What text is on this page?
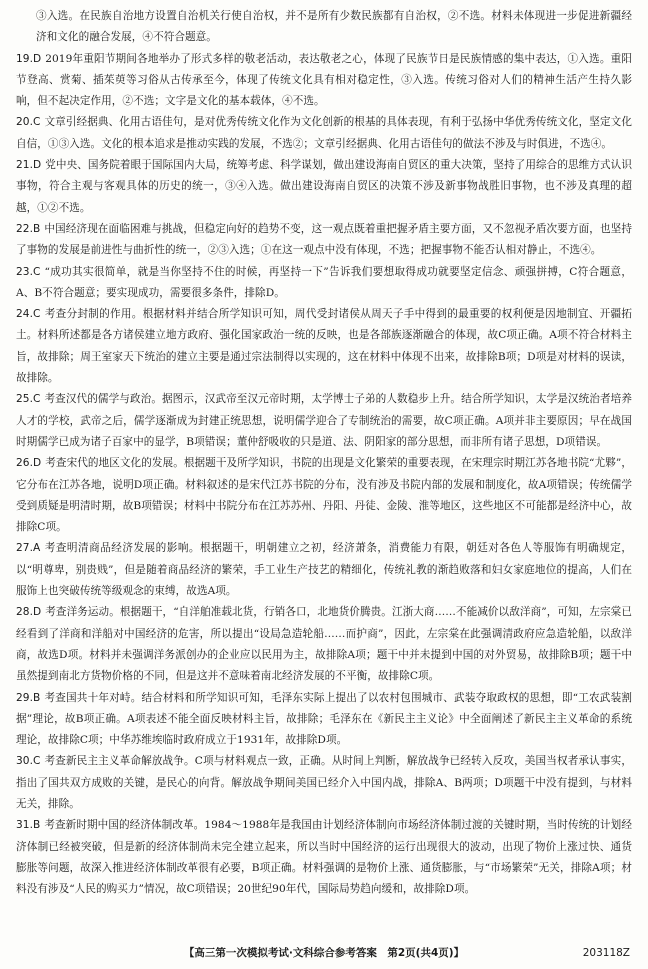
③入选。在民族自治地方设置自治机关行使自治权，并不是所有少数民族都有自治权，②不选。材料未体现进一步促进新疆经济和文化的融合发展，④不符合题意。

19.D 2019年重阳节期间各地举办了形式多样的敬老活动，表达敬老之心，体现了民族节日是民族情感的集中表达，①入选。重阳节登高、赏菊、插茱萸等习俗从古传承至今，体现了传统文化具有相对稳定性，③入选。传统习俗对人们的精神生活产生持久影响，但不起决定作用，②不选；文字是文化的基本载体，④不选。

20.C 文章引经据典、化用古语佳句，是对优秀传统文化作为文化创新的根基的具体表现，有利于弘扬中华优秀传统文化，坚定文化自信，①③入选。文化的根本追求是推动实践的发展，不选②；文章引经据典、化用古语佳句的做法不涉及与时俱进，不选④。

21.D 党中央、国务院着眼于国际国内大局，统筹考虑、科学谋划，做出建设海南自贸区的重大决策，坚持了用综合的思维方式认识事物，符合主观与客观具体的历史的统一，③④入选。做出建设海南自贸区的决策不涉及新事物战胜旧事物，也不涉及真理的超越，①②不选。

22.B 中国经济现在面临困难与挑战，但稳定向好的趋势不变，这一观点既着重把握矛盾主要方面，又不忽视矛盾次要方面，也坚持了事物的发展是前进性与曲折性的统一，②③入选；①在这一观点中没有体现，不选；把握事物不能否认相对静止，不选④。

23.C “成功其实很简单，就是当你坚持不住的时候，再坚持一下”告诉我们要想取得成功就要坚定信念、顽强拼搏，C符合题意，A、B不符合题意；要实现成功，需要很多条件，排除D。

24.C 考查分封制的作用。根据材料并结合所学知识可知，周代受封诸侯从周天子手中得到的最重要的权利便是因地制宜、开疆拓土。材料所述都是各方诸侯建立地方政府、强化国家政治一统的反映，也是各部族逐渐融合的体现，故C项正确。A项不符合材料主旨，故排除；周王室家天下统治的建立主要是通过宗法制得以实现的，这在材料中体现不出来，故排除B项；D项是对材料的误读，故排除。

25.C 考查汉代的儒学与政治。据图示，汉武帝至汉元帝时期，太学博士子弟的人数稳步上升。结合所学知识，太学是汉统治者培养人才的学校，武帝之后，儒学逐渐成为封建正统思想，说明儒学迎合了专制统治的需要，故C项正确。A项并非主要原因；早在战国时期儒学已成为诸子百家中的显学，B项错误；董仲舒吸收的只是道、法、阴阳家的部分思想，而非所有诸子思想，D项错误。

26.D 考查宋代的地区文化的发展。根据题干及所学知识，书院的出现是文化繁荣的重要表现，在宋理宗时期江苏各地书院“尤夥”，它分布在江苏各地，说明D项正确。材料叙述的是宋代江苏书院的分布，没有涉及书院内部的发展和制度化，故A项错误；传统儒学受到质疑是明清时期，故B项错误；材料中书院分布在江苏苏州、丹阳、丹徒、金陵、淮等地区，这些地区不可能都是经济中心，故排除C项。

27.A 考查明清商品经济发展的影响。根据题干，明朝建立之初，经济萧条，消费能力有限，朝廷对各色人等服饰有明确规定，以“明尊卑，别贵贱”，但是随着商品经济的繁荣，手工业生产技艺的精细化，传统礼教的渐趋败落和妇女家庭地位的提高，人们在服饰上也突破传统等级观念的束缚，故选A项。

28.D 考查洋务运动。根据题干，“自洋舶准载北货，行销各口，北地货价腾贵。江浙大商……不能减价以敌洋商”，可知，左宗棠已经看到了洋商和洋船对中国经济的危害，所以提出“设局急造轮船……而护商”，因此，左宗棠在此强调清政府应急造轮船，以敌洋商，故选D项。材料并未强调洋务派创办的企业应以民用为主，故排除A项；题干中并未提到中国的对外贸易，故排除B项；题干中虽然提到南北方货物价格的不同，但是这并不意味着南北经济发展的不平衡，故排除C项。

29.B 考查国共十年对峙。结合材料和所学知识可知，毛泽东实际上提出了以农村包围城市、武装夺取政权的思想，即“工农武装割据”理论，故B项正确。A项表述不能全面反映材料主旨，故排除；毛泽东在《新民主主义论》中全面阐述了新民主主义革命的系统理论，故排除C项；中华苏维埃临时政府成立于1931年，故排除D项。

30.C 考查新民主主义革命解放战争。C项与材料观点一致，正确。从时间上判断，解放战争已经转入反攻，美国当权者承认事实，指出了国共双方成败的关键，是民心的向背。解放战争期间美国已经介入中国内战，排除A、B两项；D项题干中没有提到，与材料无关，排除。

31.B 考查新时期中国的经济体制改革。1984～1988年是我国由计划经济体制向市场经济体制过渡的关键时期，当时传统的计划经济体制已经被突破，但是新的经济体制尚未完全建立起来，所以当时中国经济的运行出现很大的波动，出现了物价上涨过快、通货膨胀等问题，故深入推进经济体制改革很有必要，B项正确。材料强调的是物价上涨、通货膨胀，与“市场繁荣”无关，排除A项；材料没有涉及“人民的购买力”情况，故C项错误；20世纪90年代，国际局势趋向缓和，故排除D项。

【高三第一次模拟考试·文科综合参考答案　第2页(共4页)】	203118Z
